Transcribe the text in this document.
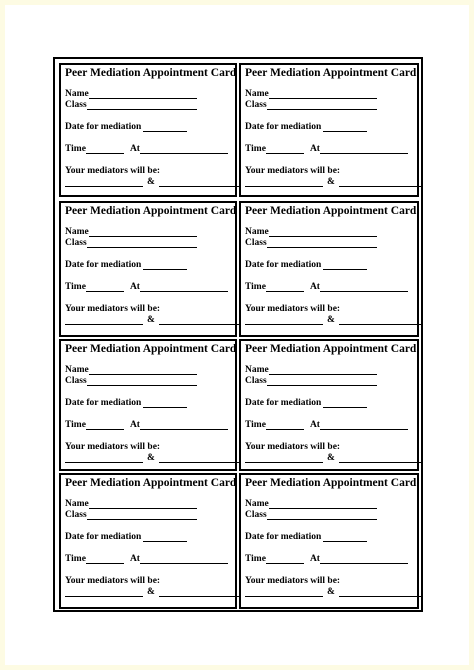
Peer Mediation Appointment Card
Name
Class
Date for mediation
Time	At
Your mediators will be:
&
Peer Mediation Appointment Card
Name
Class
Date for mediation
Time	At
Your mediators will be:
&
Peer Mediation Appointment Card
Name
Class
Date for mediation
Time	At
Your mediators will be:
&
Peer Mediation Appointment Card
Name
Class
Date for mediation
Time	At
Your mediators will be:
&
Peer Mediation Appointment Card
Name
Class
Date for mediation
Time	At
Your mediators will be:
&
Peer Mediation Appointment Card
Name
Class
Date for mediation
Time	At
Your mediators will be:
&
Peer Mediation Appointment Card
Name
Class
Date for mediation
Time	At
Your mediators will be:
&
Peer Mediation Appointment Card
Name
Class
Date for mediation
Time	At
Your mediators will be:
&
